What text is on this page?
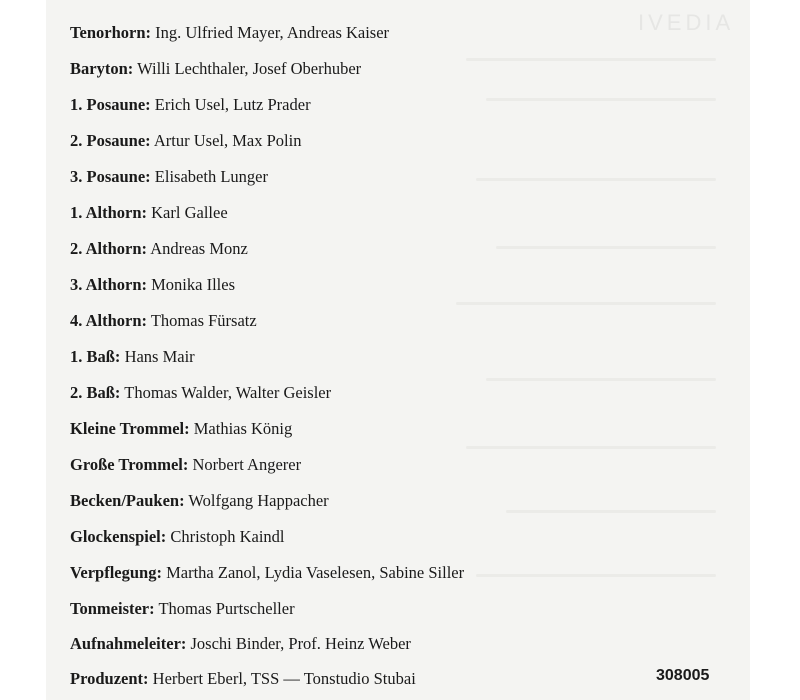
IVEDIA
Tenorhorn: Ing. Ulfried Mayer, Andreas Kaiser
Baryton: Willi Lechthaler, Josef Oberhuber
1. Posaune: Erich Usel, Lutz Prader
2. Posaune: Artur Usel, Max Polin
3. Posaune: Elisabeth Lunger
1. Althorn: Karl Gallee
2. Althorn: Andreas Monz
3. Althorn: Monika Illes
4. Althorn: Thomas Fürsatz
1. Baß: Hans Mair
2. Baß: Thomas Walder, Walter Geisler
Kleine Trommel: Mathias König
Große Trommel: Norbert Angerer
Becken/Pauken: Wolfgang Happacher
Glockenspiel: Christoph Kaindl
Verpflegung: Martha Zanol, Lydia Vaselesen, Sabine Siller
Tonmeister: Thomas Purtscheller
Aufnahmeleiter: Joschi Binder, Prof. Heinz Weber
Produzent: Herbert Eberl, TSS — Tonstudio Stubai	308005
